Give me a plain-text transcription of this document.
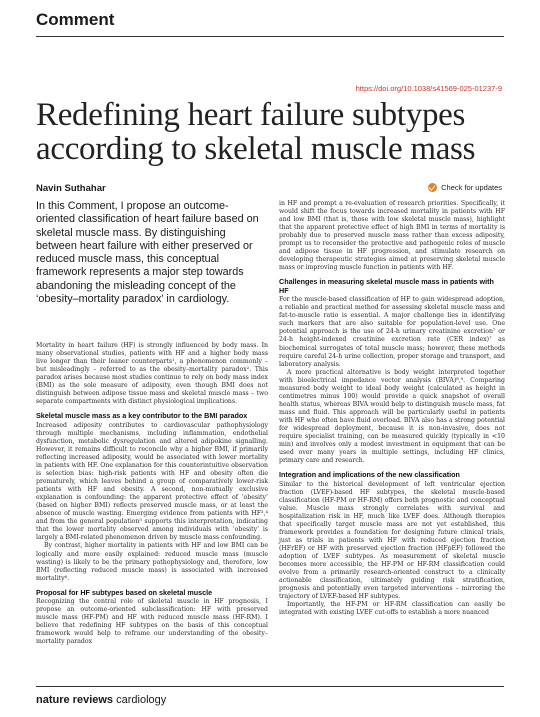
Comment
https://doi.org/10.1038/s41569-025-01237-9
Redefining heart failure subtypes according to skeletal muscle mass
Navin Suthahar	Check for updates
In this Comment, I propose an outcome-oriented classification of heart failure based on skeletal muscle mass. By distinguishing between heart failure with either preserved or reduced muscle mass, this conceptual framework represents a major step towards abandoning the misleading concept of the ‘obesity–mortality paradox’ in cardiology.

Mortality in heart failure (HF) is strongly influenced by body mass. In many observational studies, patients with HF and a higher body mass live longer than their leaner counterparts¹, a phenomenon commonly – but misleadingly – referred to as the obesity–mortality paradox². This paradox arises because most studies continue to rely on body mass index (BMI) as the sole measure of adiposity, even though BMI does not distinguish between adipose tissue mass and skeletal muscle mass – two separate compartments with distinct physiological implications.

Skeletal muscle mass as a key contributor to the BMI paradox

Increased adiposity contributes to cardiovascular pathophysiology through multiple mechanisms, including inflammation, endothelial dysfunction, metabolic dysregulation and altered adipokine signalling. However, it remains difficult to reconcile why a higher BMI, if primarily reflecting increased adiposity, would be associated with lower mortality in patients with HF. One explanation for this counterintuitive observation is selection bias: high-risk patients with HF and obesity often die prematurely, which leaves behind a group of comparatively lower-risk patients with HF and obesity. A second, non-mutually exclusive explanation is confounding: the apparent protective effect of ‘obesity’ (based on higher BMI) reflects preserved muscle mass, or at least the absence of muscle wasting. Emerging evidence from patients with HF³,⁴ and from the general population⁵ supports this interpretation, indicating that the lower mortality observed among individuals with ‘obesity’ is largely a BMI-related phenomenon driven by muscle mass confounding.

By contrast, higher mortality in patients with HF and low BMI can be logically and more easily explained: reduced muscle mass (muscle wasting) is likely to be the primary pathophysiology and, therefore, low BMI (reflecting reduced muscle mass) is associated with increased mortality⁶.

Proposal for HF subtypes based on skeletal muscle

Recognizing the central role of skeletal muscle in HF prognosis, I propose an outcome-oriented subclassification: HF with preserved muscle mass (HF-PM) and HF with reduced muscle mass (HF-RM). I believe that redefining HF subtypes on the basis of this conceptual framework would help to reframe our understanding of the obesity–mortality paradox

in HF and prompt a re-evaluation of research priorities. Specifically, it would shift the focus towards increased mortality in patients with HF and low BMI (that is, those with low skeletal muscle mass), highlight that the apparent protective effect of high BMI in terms of mortality is probably due to preserved muscle mass rather than excess adiposity, prompt us to reconsider the protective and pathogenic roles of muscle and adipose tissue in HF progression, and stimulate research on developing therapeutic strategies aimed at preserving skeletal muscle mass or improving muscle function in patients with HF.

Challenges in measuring skeletal muscle mass in patients with HF

For the muscle-based classification of HF to gain widespread adoption, a reliable and practical method for assessing skeletal muscle mass and fat-to-muscle ratio is essential. A major challenge lies in identifying such markers that are also suitable for population-level use. One potential approach is the use of 24-h urinary creatinine excretion⁷ or 24-h height-indexed creatinine excretion rate (CER index)⁷ as biochemical surrogates of total muscle mass; however, these methods require careful 24-h urine collection, proper storage and transport, and laboratory analysis.

A more practical alternative is body weight interpreted together with bioelectrical impedance vector analysis (BIVA)⁸,⁹. Comparing measured body weight to ideal body weight (calculated as height in centimetres minus 100) would provide a quick snapshot of overall health status, whereas BIVA would help to distinguish muscle mass, fat mass and fluid. This approach will be particularly useful in patients with HF who often have fluid overload. BIVA also has a strong potential for widespread deployment, because it is non-invasive, does not require specialist training, can be measured quickly (typically in <10 min) and involves only a modest investment in equipment that can be used over many years in multiple settings, including HF clinics, primary care and research.

Integration and implications of the new classification

Similar to the historical development of left ventricular ejection fraction (LVEF)-based HF subtypes, the skeletal muscle-based classification (HF-PM or HF-RM) offers both prognostic and conceptual value. Muscle mass strongly correlates with survival and hospitalization risk in HF, much like LVEF does. Although therapies that specifically target muscle mass are not yet established, this framework provides a foundation for designing future clinical trials, just as trials in patients with HF with reduced ejection fraction (HFrEF) or HF with preserved ejection fraction (HFpEF) followed the adoption of LVEF subtypes. As measurement of skeletal muscle becomes more accessible, the HF-PM or HF-RM classification could evolve from a primarily research-oriented construct to a clinically actionable classification, ultimately guiding risk stratification, prognosis and potentially even targeted interventions – mirroring the trajectory of LVEF-based HF subtypes.

Importantly, the HF-PM or HF-RM classification can easily be integrated with existing LVEF cut-offs to establish a more nuanced

nature reviews cardiology
